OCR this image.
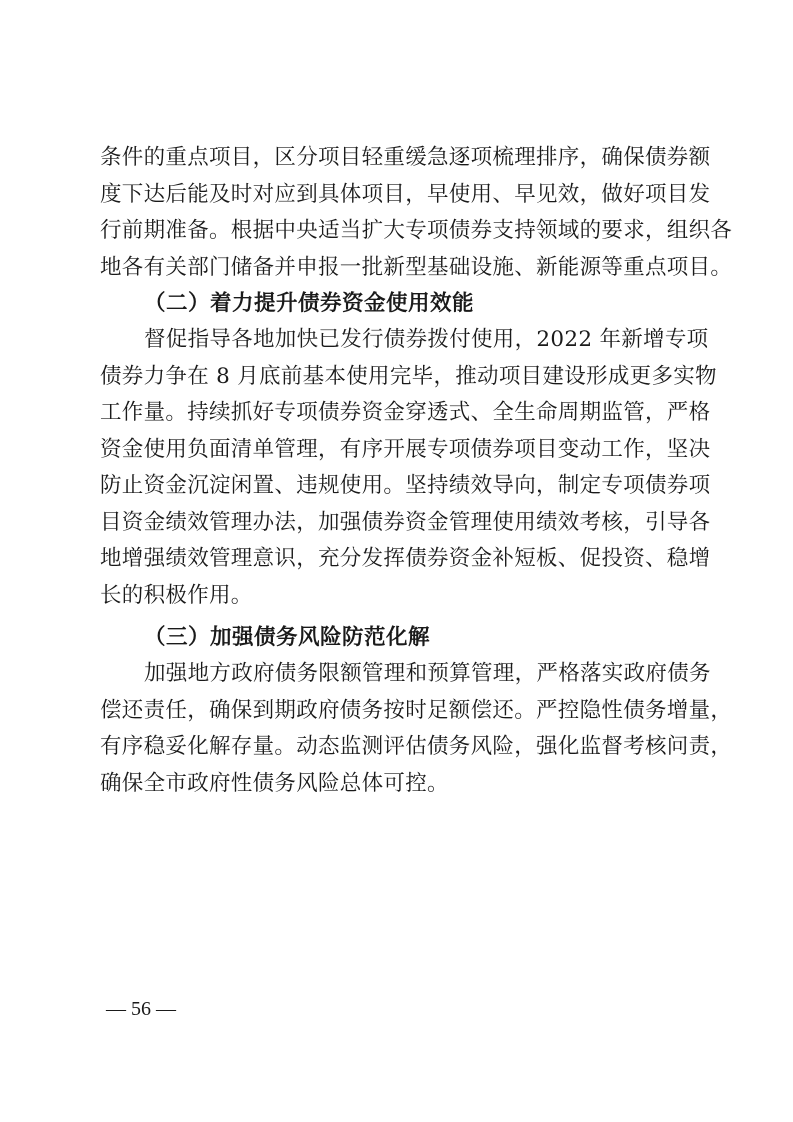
条件的重点项目，区分项目轻重缓急逐项梳理排序，确保债券额
度下达后能及时对应到具体项目，早使用、早见效，做好项目发
行前期准备。根据中央适当扩大专项债券支持领域的要求，组织各
地各有关部门储备并申报一批新型基础设施、新能源等重点项目。
（二）着力提升债券资金使用效能
督促指导各地加快已发行债券拨付使用，2022 年新增专项
债券力争在 8 月底前基本使用完毕，推动项目建设形成更多实物
工作量。持续抓好专项债券资金穿透式、全生命周期监管，严格
资金使用负面清单管理，有序开展专项债券项目变动工作，坚决
防止资金沉淀闲置、违规使用。坚持绩效导向，制定专项债券项
目资金绩效管理办法，加强债券资金管理使用绩效考核，引导各
地增强绩效管理意识，充分发挥债券资金补短板、促投资、稳增
长的积极作用。
（三）加强债务风险防范化解
加强地方政府债务限额管理和预算管理，严格落实政府债务
偿还责任，确保到期政府债务按时足额偿还。严控隐性债务增量，
有序稳妥化解存量。动态监测评估债务风险，强化监督考核问责，
确保全市政府性债务风险总体可控。
— 56 —
